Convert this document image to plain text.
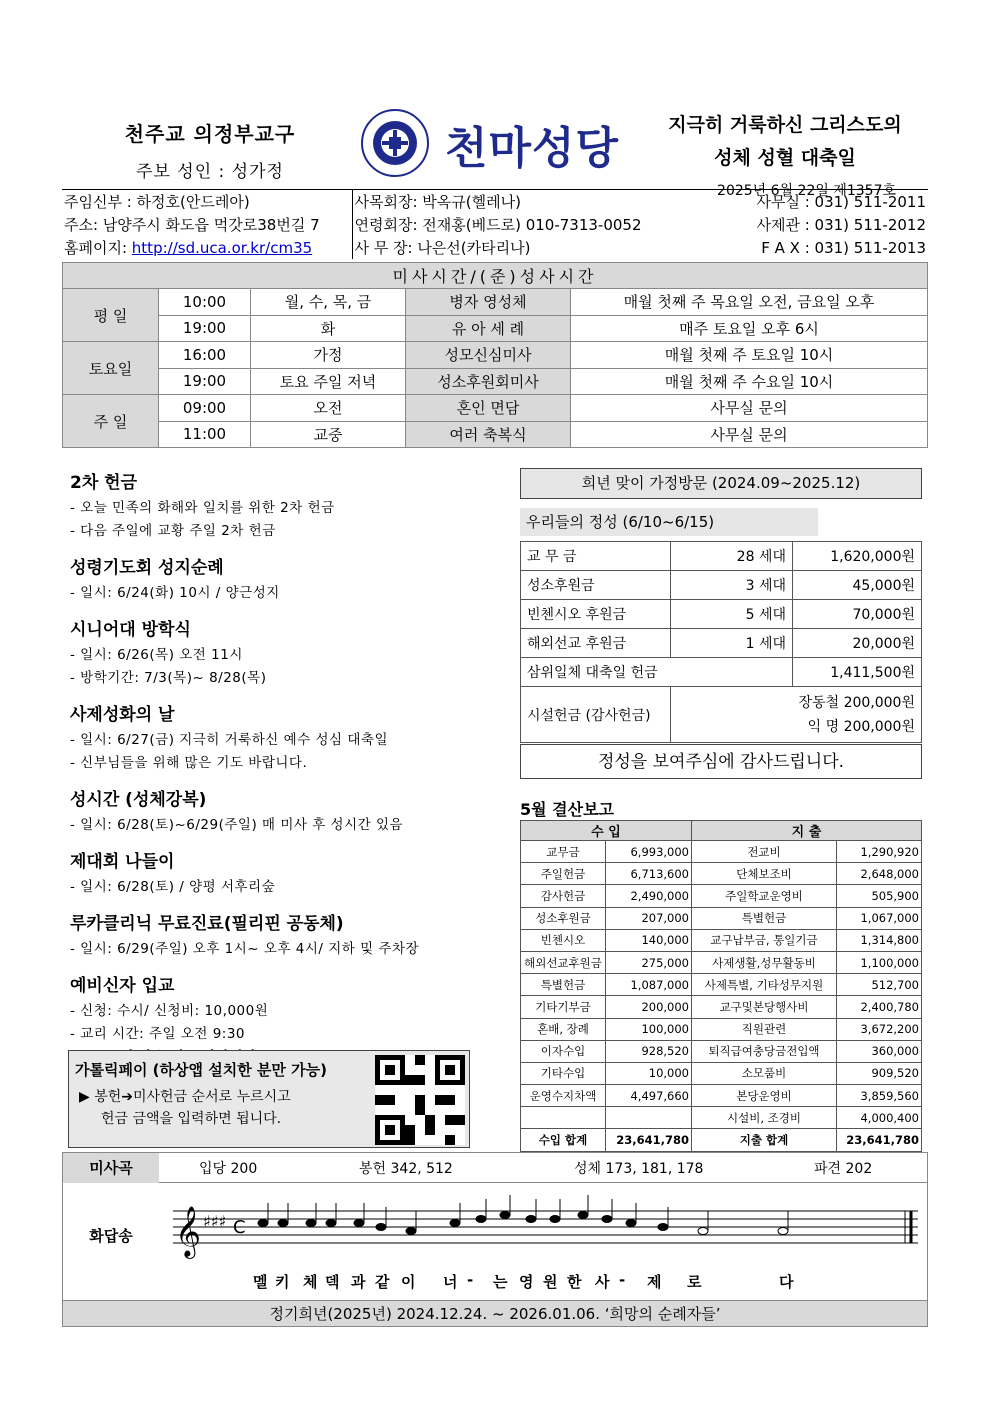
천주교 의정부교구
주보 성인 : 성가정	천마성당	지극히 거룩하신 그리스도의
성체 성혈 대축일
2025년 6월 22일 제1357호
주임신부 : 하정호(안드레아)	사목회장: 박옥규(헬레나)	사무실 : 031) 511-2011
주소: 남양주시 화도읍 먹갓로38번길 7	연령회장: 전재홍(베드로) 010-7313-0052	사제관 : 031) 511-2012
홈페이지: http://sd.uca.or.kr/cm35	사 무 장: 나은선(카타리나)	F A X : 031) 511-2013
미사시간/(준)성사시간				
평 일	10:00	월, 수, 목, 금	병자 영성체	매월 첫째 주 목요일 오전, 금요일 오후
	19:00	화	유 아 세 례	매주 토요일 오후 6시
토요일	16:00	가정	성모신심미사	매월 첫째 주 토요일 10시
	19:00	토요 주일 저녁	성소후원회미사	매월 첫째 주 수요일 10시
주 일	09:00	오전	혼인 면담	사무실 문의
	11:00	교중	여러 축복식	사무실 문의
2차 헌금
- 오늘 민족의 화해와 일치를 위한 2차 헌금
- 다음 주일에 교황 주일 2차 헌금
성령기도회 성지순례
- 일시: 6/24(화) 10시 / 양근성지
시니어대 방학식
- 일시: 6/26(목) 오전 11시
- 방학기간: 7/3(목)~ 8/28(목)
사제성화의 날
- 일시: 6/27(금) 지극히 거룩하신 예수 성심 대축일
- 신부님들을 위해 많은 기도 바랍니다.
성시간 (성체강복)
- 일시: 6/28(토)~6/29(주일) 매 미사 후 성시간 있음
제대회 나들이
- 일시: 6/28(토) / 양평 서후리숲
루카클리닉 무료진료(필리핀 공동체)
- 일시: 6/29(주일) 오후 1시~ 오후 4시/ 지하 및 주차장
예비신자 입교
- 신청: 수시/ 신청비: 10,000원
- 교리 시간: 주일 오전 9:30
가톨릭페이 (하상앱 설치한 분만 가능)
▶ 봉헌➔미사헌금 순서로 누르시고
헌금 금액을 입력하면 됩니다.
희년 맞이 가정방문 (2024.09~2025.12)
우리들의 정성 (6/10~6/15)
교 무 금	28 세대	1,620,000원
성소후원금	3 세대	45,000원
빈첸시오 후원금	5 세대	70,000원
해외선교 후원금	1 세대	20,000원
삼위일체 대축일 헌금		1,411,500원
시설헌금 (감사헌금)	장동철 200,000원
익 명 200,000원	
정성을 보여주심에 감사드립니다.
5월 결산보고
수 입		지 출	
교무금	6,993,000	전교비	1,290,920
주일헌금	6,713,600	단체보조비	2,648,000
감사헌금	2,490,000	주일학교운영비	505,900
성소후원금	207,000	특별헌금	1,067,000
빈첸시오	140,000	교구납부금, 통일기금	1,314,800
해외선교후원금	275,000	사제생활,성무활동비	1,100,000
특별헌금	1,087,000	사제특별, 기타성무지원	512,700
기타기부금	200,000	교구및본당행사비	2,400,780
혼배, 장례	100,000	직원관련	3,672,200
이자수입	928,520	퇴직급여충당금전입액	360,000
기타수입	10,000	소모품비	909,520
운영수지차액	4,497,660	본당운영비	3,859,560
		시설비, 조경비	4,000,400
수입 합계	23,641,780	지출 합계	23,641,780
미사곡	입당 200	봉헌 342, 512	성체 173, 181, 178	파견 202
화답송 𝄞 ♯♯♯ C
멜 키 체 덱 과 같 이 너 - 는 영 원 한 사 - 제 로	다
정기희년(2025년) 2024.12.24. ~ 2026.01.06. ‘희망의 순례자들’
